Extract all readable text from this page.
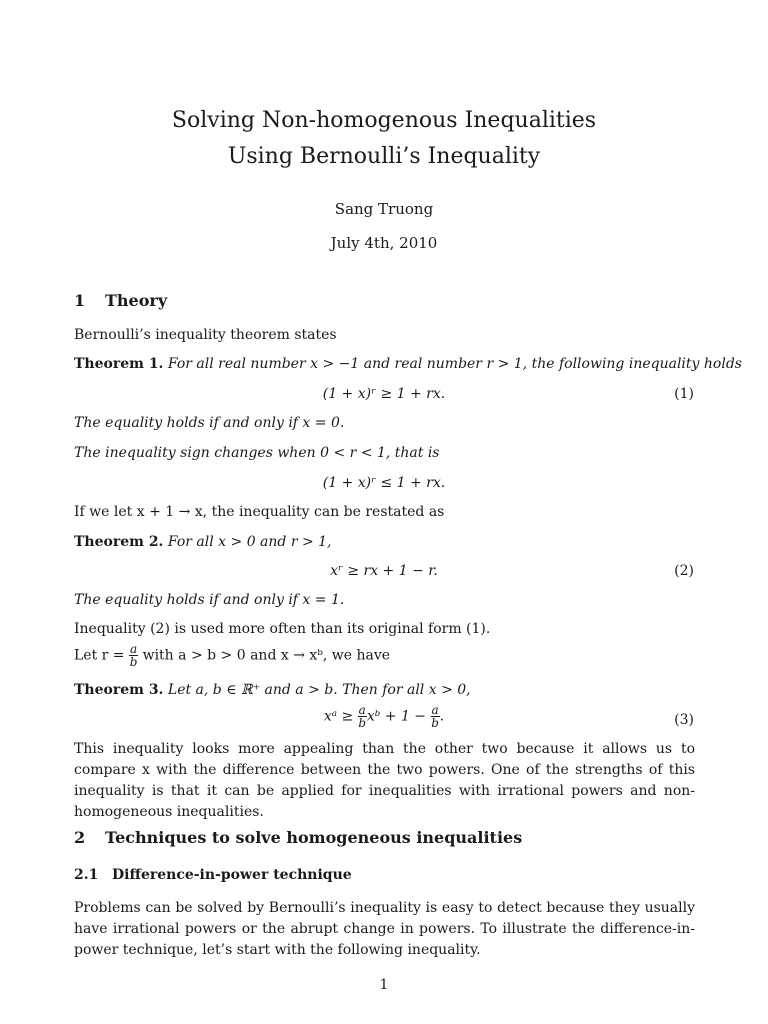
Solving Non-homogenous Inequalities
Using Bernoulli’s Inequality
Sang Truong
July 4th, 2010
1 Theory
Bernoulli’s inequality theorem states
Theorem 1. For all real number x > −1 and real number r > 1, the following inequality holds
(1 + x)ʳ ≥ 1 + rx.	(1)
The equality holds if and only if x = 0.
The inequality sign changes when 0 < r < 1, that is
(1 + x)ʳ ≤ 1 + rx.
If we let x + 1 → x, the inequality can be restated as
Theorem 2. For all x > 0 and r > 1,
xʳ ≥ rx + 1 − r.	(2)
The equality holds if and only if x = 1.
Inequality (2) is used more often than its original form (1).
Let $r = \frac{a}{b}$ with a > b > 0 and x → xᵇ, we have
Theorem 3. Let a, b ∈ ℝ⁺ and a > b. Then for all x > 0,
xᵃ ≥ $\frac{a}{b}$ xᵇ + $1 - \frac{a}{b}$ .	(3)
This inequality looks more appealing than the other two because it allows us to compare x with the difference between the two powers. One of the strengths of this inequality is that it can be applied for inequalities with irrational powers and non-homogeneous inequalities.
2 Techniques to solve homogeneous inequalities
2.1 Difference-in-power technique
Problems can be solved by Bernoulli’s inequality is easy to detect because they usually have irrational powers or the abrupt change in powers. To illustrate the difference-in-power technique, let’s start with the following inequality.
1
